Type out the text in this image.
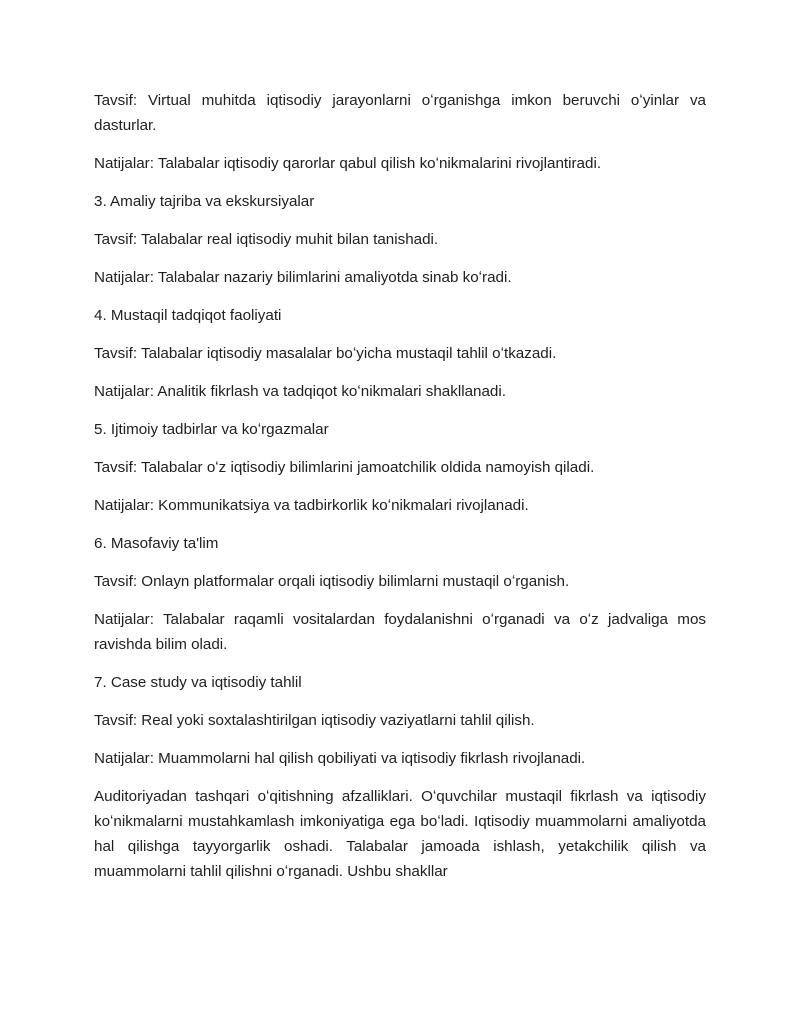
Tavsif: Virtual muhitda iqtisodiy jarayonlarni oʻrganishga imkon beruvchi oʻyinlar va dasturlar.

Natijalar: Talabalar iqtisodiy qarorlar qabul qilish koʻnikmalarini rivojlantiradi.

3. Amaliy tajriba va ekskursiyalar

Tavsif: Talabalar real iqtisodiy muhit bilan tanishadi.

Natijalar: Talabalar nazariy bilimlarini amaliyotda sinab koʻradi.

4. Mustaqil tadqiqot faoliyati

Tavsif: Talabalar iqtisodiy masalalar boʻyicha mustaqil tahlil oʻtkazadi.

Natijalar: Analitik fikrlash va tadqiqot koʻnikmalari shakllanadi.

5. Ijtimoiy tadbirlar va koʻrgazmalar

Tavsif: Talabalar oʻz iqtisodiy bilimlarini jamoatchilik oldida namoyish qiladi.

Natijalar: Kommunikatsiya va tadbirkorlik koʻnikmalari rivojlanadi.

6. Masofaviy ta'lim

Tavsif: Onlayn platformalar orqali iqtisodiy bilimlarni mustaqil oʻrganish.

Natijalar: Talabalar raqamli vositalardan foydalanishni oʻrganadi va oʻz jadvaliga mos ravishda bilim oladi.

7. Case study va iqtisodiy tahlil

Tavsif: Real yoki soxtalashtirilgan iqtisodiy vaziyatlarni tahlil qilish.

Natijalar: Muammolarni hal qilish qobiliyati va iqtisodiy fikrlash rivojlanadi.

Auditoriyadan tashqari oʻqitishning afzalliklari. Oʻquvchilar mustaqil fikrlash va iqtisodiy koʻnikmalarni mustahkamlash imkoniyatiga ega boʻladi. Iqtisodiy muammolarni amaliyotda hal qilishga tayyorgarlik oshadi. Talabalar jamoada ishlash, yetakchilik qilish va muammolarni tahlil qilishni oʻrganadi. Ushbu shakllar
